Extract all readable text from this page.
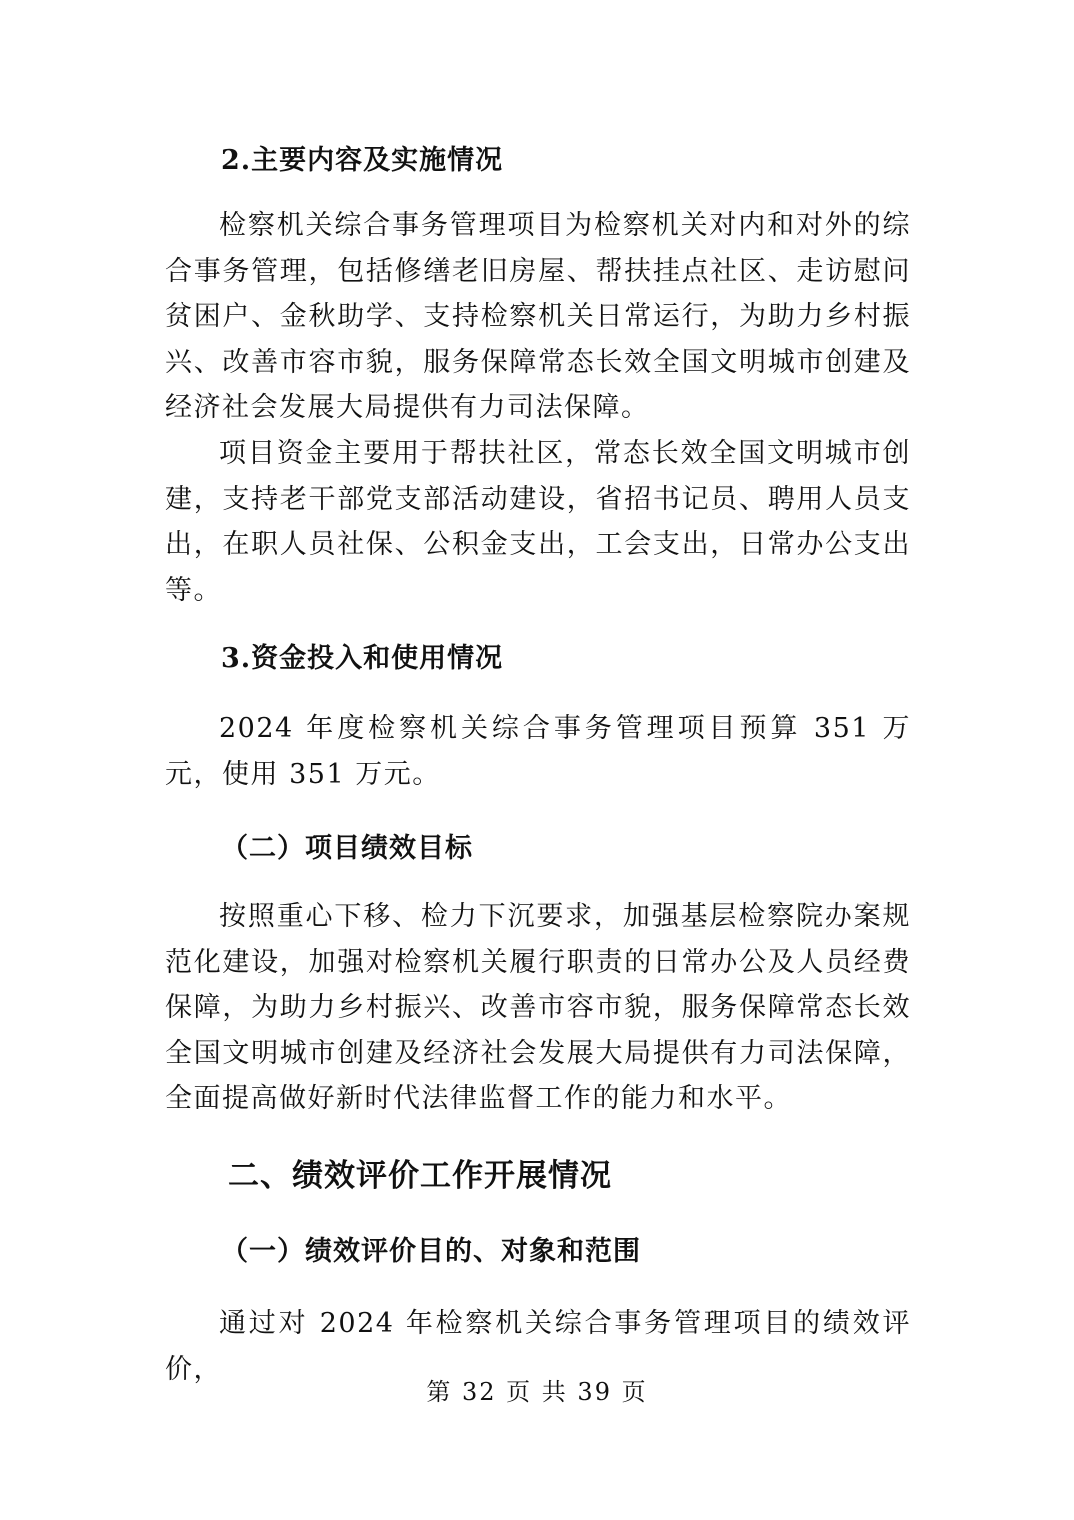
2.主要内容及实施情况
检察机关综合事务管理项目为检察机关对内和对外的综合事务管理，包括修缮老旧房屋、帮扶挂点社区、走访慰问贫困户、金秋助学、支持检察机关日常运行，为助力乡村振兴、改善市容市貌，服务保障常态长效全国文明城市创建及经济社会发展大局提供有力司法保障。
项目资金主要用于帮扶社区，常态长效全国文明城市创建，支持老干部党支部活动建设，省招书记员、聘用人员支出，在职人员社保、公积金支出，工会支出，日常办公支出等。
3.资金投入和使用情况
2024 年度检察机关综合事务管理项目预算 351 万元，使用 351 万元。
（二）项目绩效目标
按照重心下移、检力下沉要求，加强基层检察院办案规范化建设，加强对检察机关履行职责的日常办公及人员经费保障，为助力乡村振兴、改善市容市貌，服务保障常态长效全国文明城市创建及经济社会发展大局提供有力司法保障，全面提高做好新时代法律监督工作的能力和水平。
二、绩效评价工作开展情况
（一）绩效评价目的、对象和范围
通过对 2024 年检察机关综合事务管理项目的绩效评价，
第 32 页 共 39 页
